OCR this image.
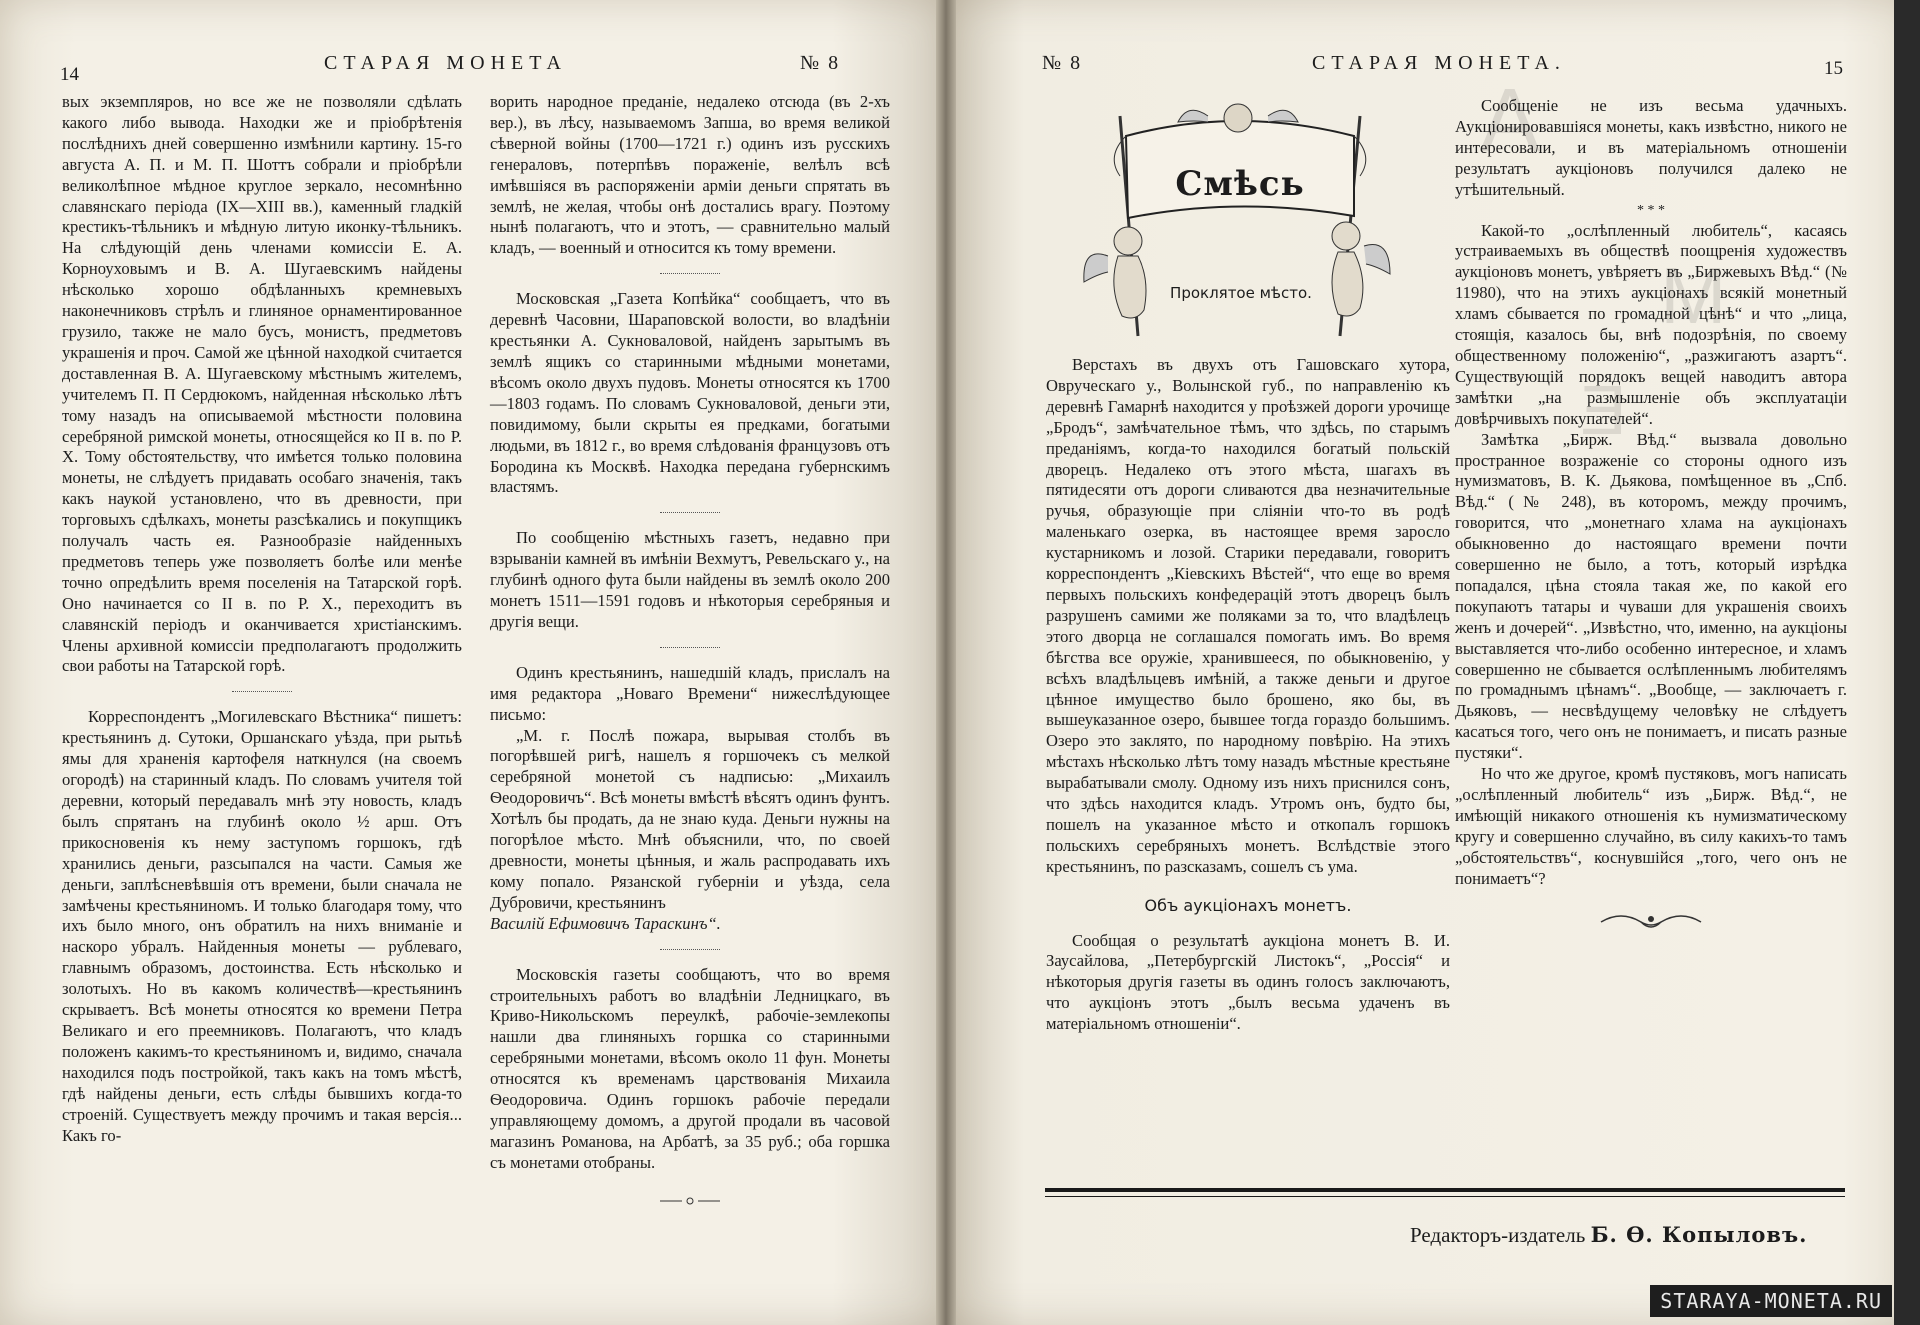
А
М
Е
14
СТАРАЯ МОНЕТА	№ 8

вых экземпляров, но все же не позволяли сдѣлать какого либо вывода. Находки же и пріобрѣтенія послѣднихъ дней совершенно измѣнили картину. 15-го августа А. П. и М. П. Шоттъ собрали и пріобрѣли великолѣпное мѣдное круглое зеркало, несомнѣнно славянскаго періода (IX—XIII вв.), каменный гладкій крестикъ-тѣльникъ и мѣдную литую иконку-тѣльникъ. На слѣдующій день членами комиссіи Е. А. Корноуховымъ и В. А. Шугаевскимъ найдены нѣсколько хорошо обдѣланныхъ кремневыхъ наконечниковъ стрѣлъ и глиняное орнаментированное грузило, также не мало бусъ, монистъ, предметовъ украшенія и проч. Самой же цѣнной находкой считается доставленная В. А. Шугаевскому мѣстнымъ жителемъ, учителемъ П. П Сердюкомъ, найденная нѣсколько лѣтъ тому назадъ на описываемой мѣстности половина серебряной римской монеты, относящейся ко II в. по Р. Х. Тому обстоятельству, что имѣется только половина монеты, не слѣдуетъ придавать особаго значенія, такъ какъ наукой установлено, что въ древности, при торговыхъ сдѣлкахъ, монеты разсѣкались и покупщикъ получалъ часть ея. Разнообразіе найденныхъ предметовъ теперь уже позволяетъ болѣе или менѣе точно опредѣлить время поселенія на Татарской горѣ. Оно начинается со II в. по Р. Х., переходитъ въ славянскій періодъ и оканчивается христіанскимъ. Члены архивной комиссіи предполагаютъ продолжить свои работы на Татарской горѣ.

Корреспондентъ „Могилевскаго Вѣстника“ пишетъ: крестьянинъ д. Сутоки, Оршанскаго уѣзда, при рытьѣ ямы для храненія картофеля наткнулся (на своемъ огородѣ) на старинный кладъ. По словамъ учителя той деревни, который передавалъ мнѣ эту новость, кладъ былъ спрятанъ на глубинѣ около ½ арш. Отъ прикосновенія къ нему заступомъ горшокъ, гдѣ хранились деньги, разсыпался на части. Самыя же деньги, заплѣсневѣвшія отъ времени, были сначала не замѣчены крестьяниномъ. И только благодаря тому, что ихъ было много, онъ обратилъ на нихъ вниманіе и наскоро убралъ. Найденныя монеты — рублеваго, главнымъ образомъ, достоинства. Есть нѣсколько и золотыхъ. Но въ какомъ количествѣ—крестьянинъ скрываетъ. Всѣ монеты относятся ко времени Петра Великаго и его преемниковъ. Полагаютъ, что кладъ положенъ какимъ-то крестьяниномъ и, видимо, сначала находился подъ постройкой, такъ какъ на томъ мѣстѣ, гдѣ найдены деньги, есть слѣды бывшихъ когда-то строеній. Существуетъ между прочимъ и такая версія... Какъ го-

ворить народное преданіе, недалеко отсюда (въ 2-хъ вер.), въ лѣсу, называемомъ Запша, во время великой сѣверной войны (1700—1721 г.) одинъ изъ русскихъ генераловъ, потерпѣвъ пораженіе, велѣлъ всѣ имѣвшіяся въ распоряженіи арміи деньги спрятать въ землѣ, не желая, чтобы онѣ достались врагу. Поэтому нынѣ полагаютъ, что и этотъ, — сравнительно малый кладъ, — военный и относится къ тому времени.

Московская „Газета Копѣйка“ сообщаетъ, что въ деревнѣ Часовни, Шараповской волости, во владѣніи крестьянки А. Сукноваловой, найденъ зарытымъ въ землѣ ящикъ со старинными мѣдными монетами, вѣсомъ около двухъ пудовъ. Монеты относятся къ 1700—1803 годамъ. По словамъ Сукноваловой, деньги эти, повидимому, были скрыты ея предками, богатыми людьми, въ 1812 г., во время слѣдованія французовъ отъ Бородина къ Москвѣ. Находка передана губернскимъ властямъ.

По сообщенію мѣстныхъ газетъ, недавно при взрываніи камней въ имѣніи Вехмутъ, Ревельскаго у., на глубинѣ одного фута были найдены въ землѣ около 200 монетъ 1511—1591 годовъ и нѣкоторыя серебряныя и другія вещи.

Одинъ крестьянинъ, нашедшій кладъ, прислалъ на имя редактора „Новаго Времени“ нижеслѣдующее письмо:

„М. г. Послѣ пожара, вырывая столбъ въ погорѣвшей ригѣ, нашелъ я горшочекъ съ мелкой серебряной монетой съ надписью: „Михаилъ Ѳеодоровичъ“. Всѣ монеты вмѣстѣ вѣсятъ одинъ фунтъ. Хотѣлъ бы продать, да не знаю куда. Деньги нужны на погорѣлое мѣсто. Мнѣ объяснили, что, по своей древности, монеты цѣнныя, и жаль распродавать ихъ кому попало. Рязанской губерніи и уѣзда, села Дубровичи, крестьянинъ

Василій Ефимовичъ Тараскинъ“.

Московскія газеты сообщаютъ, что во время строительныхъ работъ во владѣніи Ледницкаго, въ Криво-Никольскомъ переулкѣ, рабочіе-землекопы нашли два глиняныхъ горшка со старинными серебряными монетами, вѣсомъ около 11 фун. Монеты относятся къ временамъ царствованія Михаила Ѳеодоровича. Одинъ горшокъ рабочіе передали управляющему домомъ, а другой продали въ часовой магазинъ Романова, на Арбатѣ, за 35 руб.; оба горшка съ монетами отобраны.

№ 8	СТАРАЯ МОНЕТА.	15
Смѣсь
Проклятое мѣсто.

Верстахъ въ двухъ отъ Гашовскаго хутора, Овруческаго у., Волынской губ., по направленію къ деревнѣ Гамарнѣ находится у проѣзжей дороги урочище „Бродъ“, замѣчательное тѣмъ, что здѣсь, по старымъ преданіямъ, когда-то находился богатый польскій дворецъ. Недалеко отъ этого мѣста, шагахъ въ пятидесяти отъ дороги сливаются два незначительные ручья, образующіе при сліяніи что-то въ родѣ маленькаго озерка, въ настоящее время заросло кустарникомъ и лозой. Старики передавали, говоритъ корреспондентъ „Кіевскихъ Вѣстей“, что еще во время первыхъ польскихъ конфедерацій этотъ дворецъ былъ разрушенъ самими же поляками за то, что владѣлецъ этого дворца не соглашался помогать имъ. Во время бѣгства все оружіе, хранившееся, по обыкновенію, у всѣхъ владѣльцевъ имѣній, а также деньги и другое цѣнное имущество было брошено, яко бы, въ вышеуказанное озеро, бывшее тогда гораздо большимъ. Озеро это заклято, по народному повѣрію. На этихъ мѣстахъ нѣсколько лѣтъ тому назадъ мѣстные крестьяне вырабатывали смолу. Одному изъ нихъ приснился сонъ, что здѣсь находится кладъ. Утромъ онъ, будто бы, пошелъ на указанное мѣсто и откопалъ горшокъ польскихъ серебряныхъ монетъ. Вслѣдствіе этого крестьянинъ, по разсказамъ, сошелъ съ ума.

Объ аукціонахъ монетъ.

Сообщая о результатѣ аукціона монетъ В. И. Заусайлова, „Петербургскій Листокъ“, „Россія“ и нѣкоторыя другія газеты въ одинъ голосъ заключаютъ, что аукціонъ этотъ „былъ весьма удаченъ въ матеріальномъ отношеніи“.

Сообщеніе не изъ весьма удачныхъ. Аукціонировавшіяся монеты, какъ извѣстно, никого не интересовали, и въ матеріальномъ отношеніи результатъ аукціоновъ получился далеко не утѣшительный.

* * *

Какой-то „ослѣпленный любитель“, касаясь устраиваемыхъ въ обществѣ поощренія художествъ аукціоновъ монетъ, увѣряетъ въ „Биржевыхъ Вѣд.“ (№ 11980), что на этихъ аукціонахъ всякій монетный хламъ сбывается по громадной цѣнѣ“ и что „лица, стоящія, казалось бы, внѣ подозрѣнія, по своему общественному положенію“, „разжигаютъ азартъ“. Существующій порядокъ вещей наводитъ автора замѣтки „на размышленіе объ эксплуатаціи довѣрчивыхъ покупателей“.

Замѣтка „Бирж. Вѣд.“ вызвала довольно пространное возраженіе со стороны одного изъ нумизматовъ, В. К. Дьякова, помѣщенное въ „Спб. Вѣд.“ (№ 248), въ которомъ, между прочимъ, говорится, что „монетнаго хлама на аукціонахъ обыкновенно до настоящаго времени почти совершенно не было, а тотъ, который изрѣдка попадался, цѣна стояла такая же, по какой его покупаютъ татары и чуваши для украшенія своихъ женъ и дочерей“. „Извѣстно, что, именно, на аукціоны выставляется что-либо особенно интересное, и хламъ совершенно не сбывается ослѣпленнымъ любителямъ по громаднымъ цѣнамъ“. „Вообще, — заключаетъ г. Дьяковъ, — несвѣдущему человѣку не слѣдуетъ касаться того, чего онъ не понимаетъ, и писать разные пустяки“.

Но что же другое, кромѣ пустяковъ, могъ написать „ослѣпленный любитель“ изъ „Бирж. Вѣд.“, не имѣющій никакого отношенія къ нумизматическому кругу и совершенно случайно, въ силу какихъ-то тамъ „обстоятельствъ“, коснувшійся „того, чего онъ не понимаетъ“?

Редакторъ-издатель Б. Ѳ. Копыловъ.
STARAYA-MONETA.RU
